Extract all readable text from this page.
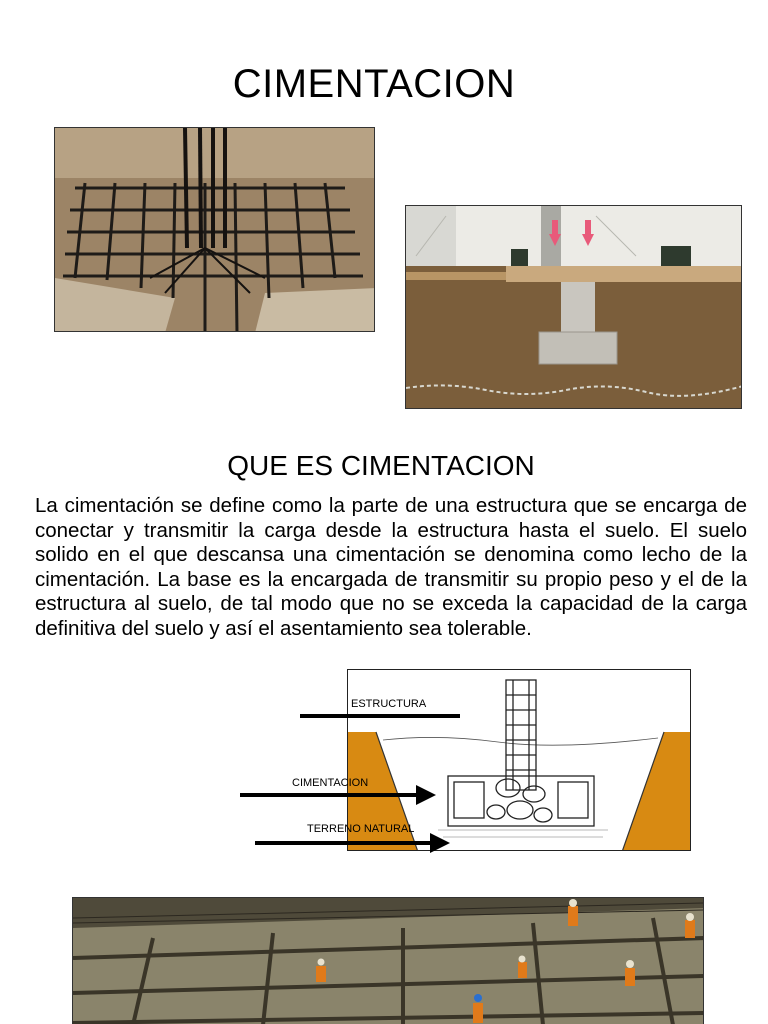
CIMENTACION
QUE ES CIMENTACION

La cimentación se define como la parte de una estructura que se encarga de conectar y transmitir la carga desde la estructura hasta el suelo. El suelo solido en el que descansa una cimentación se denomina como lecho de la cimentación. La base es la encargada de transmitir su propio peso y el de la estructura al suelo, de tal modo que no se exceda la capacidad de la carga definitiva del suelo y así el asentamiento sea tolerable.

ESTRUCTURA
CIMENTACION
TERRENO NATURAL
